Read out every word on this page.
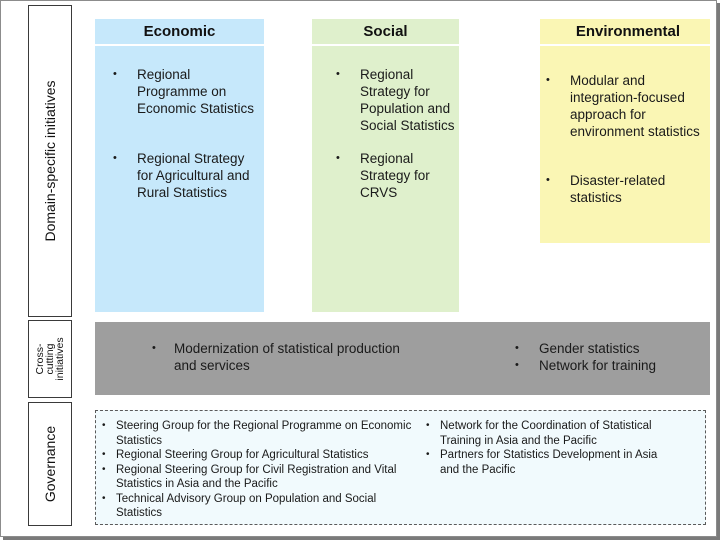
Domain-specific initiatives
Cross-
cutting
initiatives
Governance
Economic	Social	Environmental
•	Regional Programme on Economic Statistics
•	Regional Strategy for Agricultural and Rural Statistics
•	Regional Strategy for Population and Social Statistics
•	Regional Strategy for CRVS
•	Modular and integration-focused approach for environment statistics
•	Disaster-related statistics
•	Modernization of statistical production and services
•	Gender statistics
•	Network for training
• Steering Group for the Regional Programme on Economic Statistics
• Regional Steering Group for Agricultural Statistics
• Regional Steering Group for Civil Registration and Vital Statistics in Asia and the Pacific
• Technical Advisory Group on Population and Social Statistics
• Network for the Coordination of Statistical Training in Asia and the Pacific
• Partners for Statistics Development in Asia and the Pacific
